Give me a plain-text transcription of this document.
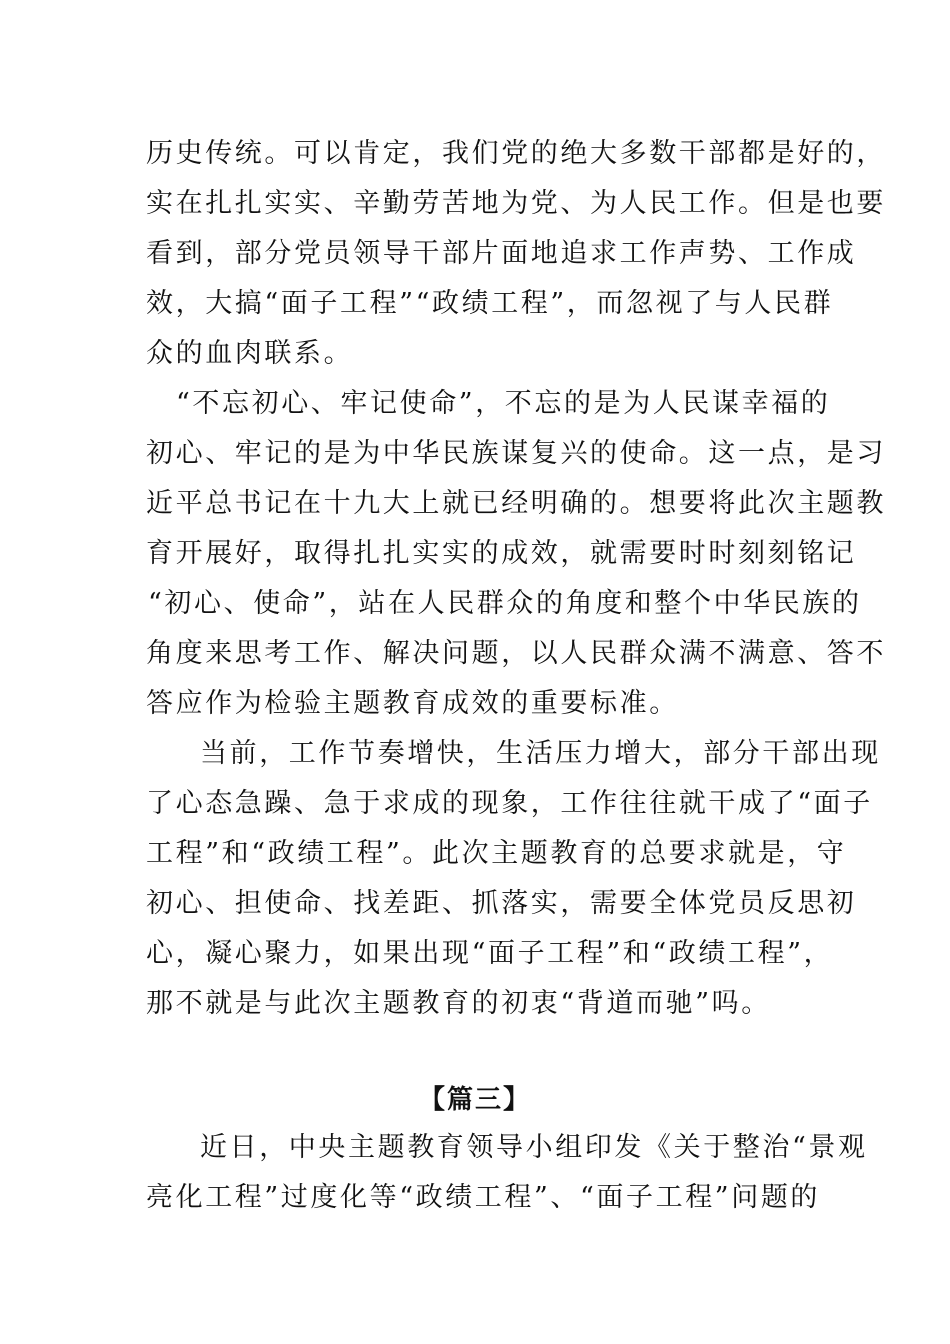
历史传统。可以肯定，我们党的绝大多数干部都是好的，
实在扎扎实实、辛勤劳苦地为党、为人民工作。但是也要
看到，部分党员领导干部片面地追求工作声势、工作成
效，大搞“面子工程”“政绩工程”，而忽视了与人民群
众的血肉联系。
“不忘初心、牢记使命”，不忘的是为人民谋幸福的
初心、牢记的是为中华民族谋复兴的使命。这一点，是习
近平总书记在十九大上就已经明确的。想要将此次主题教
育开展好，取得扎扎实实的成效，就需要时时刻刻铭记
“初心、使命”，站在人民群众的角度和整个中华民族的
角度来思考工作、解决问题，以人民群众满不满意、答不
答应作为检验主题教育成效的重要标准。
当前，工作节奏增快，生活压力增大，部分干部出现
了心态急躁、急于求成的现象，工作往往就干成了“面子
工程”和“政绩工程”。此次主题教育的总要求就是，守
初心、担使命、找差距、抓落实，需要全体党员反思初
心，凝心聚力，如果出现“面子工程”和“政绩工程”，
那不就是与此次主题教育的初衷“背道而驰”吗。
【篇三】
近日，中央主题教育领导小组印发《关于整治“景观
亮化工程”过度化等“政绩工程”、“面子工程”问题的
